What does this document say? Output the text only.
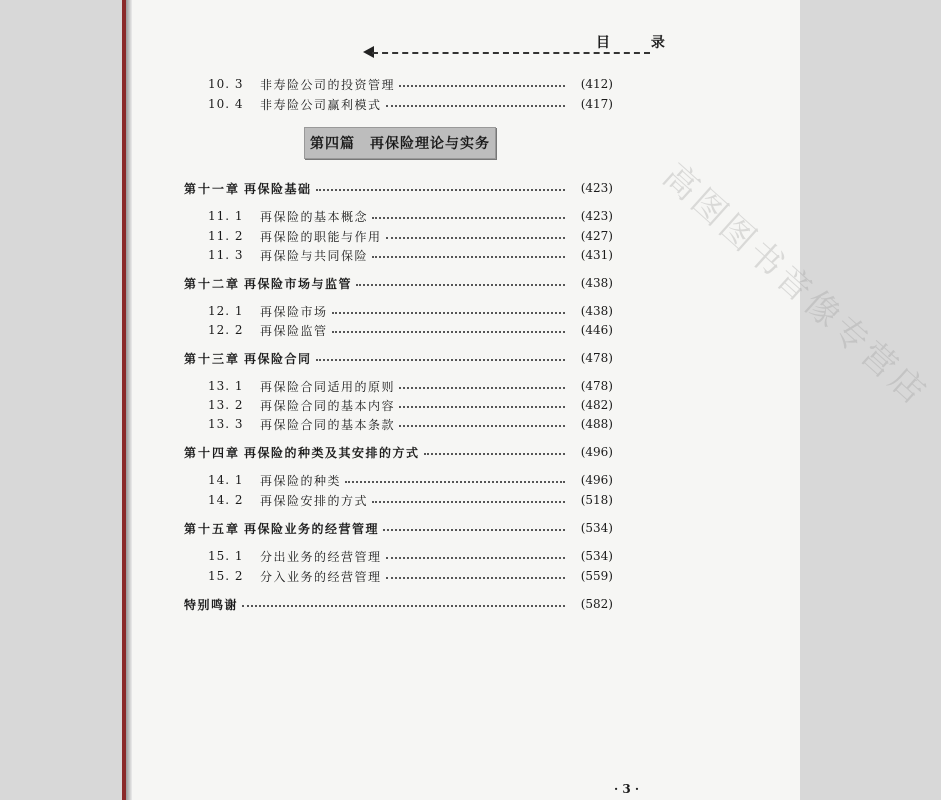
高图图书音像专营店
目 录
10. 3	非寿险公司的投资管理	(412)
10. 4	非寿险公司赢利模式	(417)
第四篇　再保险理论与实务
第十一章 再保险基础	(423)
11. 1	再保险的基本概念	(423)
11. 2	再保险的职能与作用	(427)
11. 3	再保险与共同保险	(431)
第十二章 再保险市场与监管	(438)
12. 1	再保险市场	(438)
12. 2	再保险监管	(446)
第十三章 再保险合同	(478)
13. 1	再保险合同适用的原则	(478)
13. 2	再保险合同的基本内容	(482)
13. 3	再保险合同的基本条款	(488)
第十四章 再保险的种类及其安排的方式	(496)
14. 1	再保险的种类	(496)
14. 2	再保险安排的方式	(518)
第十五章 再保险业务的经营管理	(534)
15. 1	分出业务的经营管理	(534)
15. 2	分入业务的经营管理	(559)
特别鸣谢	(582)
· 3 ·
